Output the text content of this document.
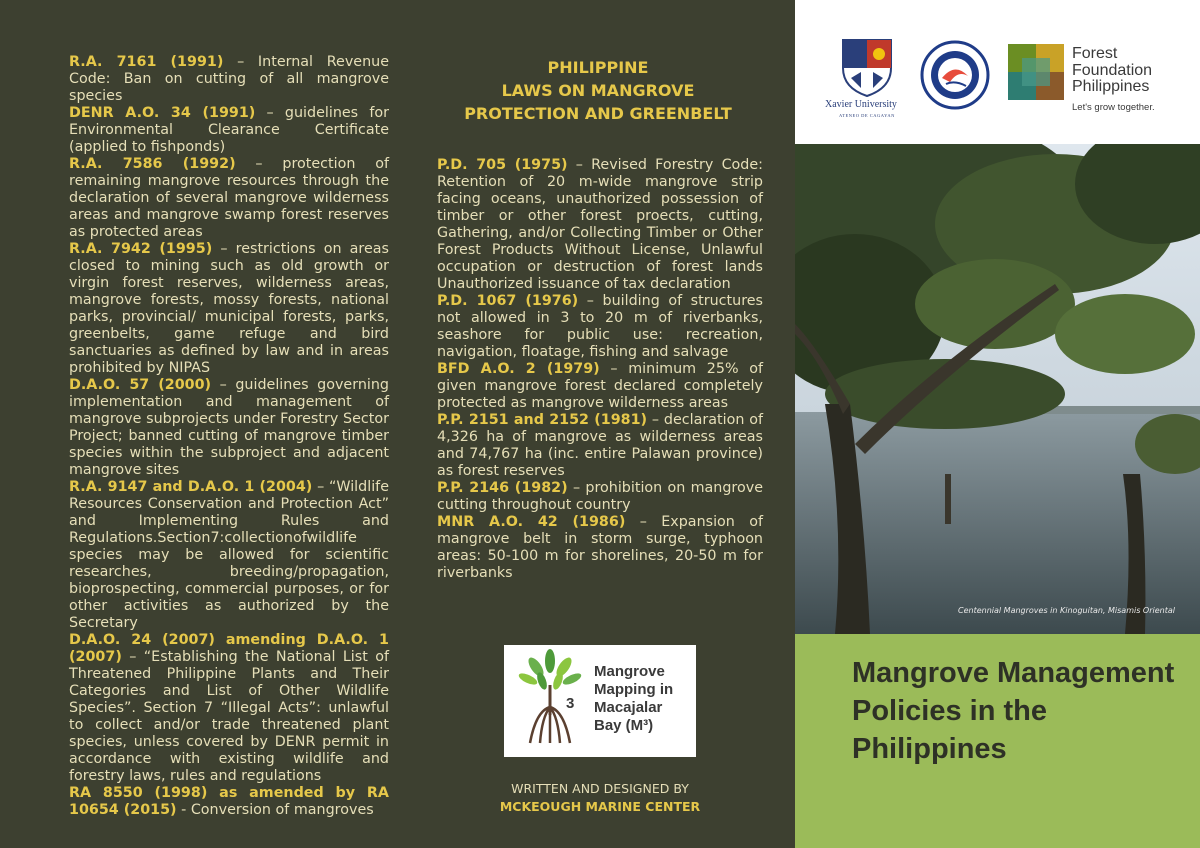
R.A. 7161 (1991) – Internal Revenue Code: Ban on cutting of all mangrove species

DENR A.O. 34 (1991) – guidelines for Environmental Clearance Certificate (applied to fishponds)

R.A. 7586 (1992) – protection of remaining mangrove resources through the declaration of several mangrove wilderness areas and mangrove swamp forest reserves as protected areas

R.A. 7942 (1995) – restrictions on areas closed to mining such as old growth or virgin forest reserves, wilderness areas, mangrove forests, mossy forests, national parks, provincial/ municipal forests, parks, greenbelts, game refuge and bird sanctuaries as defined by law and in areas prohibited by NIPAS

D.A.O. 57 (2000) – guidelines governing implementation and management of mangrove subprojects under Forestry Sector Project; banned cutting of mangrove timber species within the subproject and adjacent mangrove sites

R.A. 9147 and D.A.O. 1 (2004) – “Wildlife Resources Conservation and Protection Act” and Implementing Rules and Regulations.Section7:collectionofwildlife species may be allowed for scientific researches, breeding/propagation, bioprospecting, commercial purposes, or for other activities as authorized by the Secretary

D.A.O. 24 (2007) amending D.A.O. 1 (2007) – “Establishing the National List of Threatened Philippine Plants and Their Categories and List of Other Wildlife Species”. Section 7 “Illegal Acts”: unlawful to collect and/or trade threatened plant species, unless covered by DENR permit in accordance with existing wildlife and forestry laws, rules and regulations

RA 8550 (1998) as amended by RA 10654 (2015) - Conversion of mangroves

PHILIPPINE
LAWS ON MANGROVE
PROTECTION AND GREENBELT

P.D. 705 (1975) – Revised Forestry Code: Retention of 20 m-wide mangrove strip facing oceans, unauthorized possession of timber or other forest proects, cutting, Gathering, and/or Collecting Timber or Other Forest Products Without License, Unlawful occupation or destruction of forest lands Unauthorized issuance of tax declaration

P.D. 1067 (1976) – building of structures not allowed in 3 to 20 m of riverbanks, seashore for public use: recreation, navigation, floatage, fishing and salvage

BFD A.O. 2 (1979) – minimum 25% of given mangrove forest declared completely protected as mangrove wilderness areas

P.P. 2151 and 2152 (1981) – declaration of 4,326 ha of mangrove as wilderness areas and 74,767 ha (inc. entire Palawan province) as forest reserves

P.P. 2146 (1982) – prohibition on mangrove cutting throughout country

MNR A.O. 42 (1986) – Expansion of mangrove belt in storm surge, typhoon areas: 50-100 m for shorelines, 20-50 m for riverbanks

3
Mangrove Mapping in Macajalar Bay (M³)
WRITTEN AND DESIGNED BY
MCKEOUGH MARINE CENTER
Xavier University
ATENEO DE CAGAYAN
Forest Foundation Philippines
Let's grow together.
Centennial Mangroves in Kinoguitan, Misamis Oriental
Mangrove Management Policies in the Philippines
